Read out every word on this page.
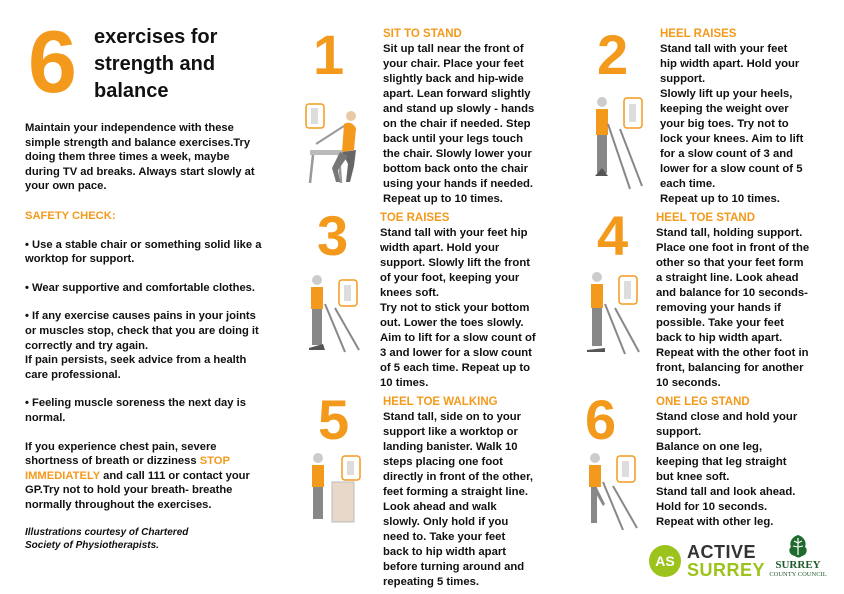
6 exercises for
strength and
balance

Maintain your independence with these simple strength and balance exercises.Try doing them three times a week, maybe during TV ad breaks. Always start slowly at your own pace.

SAFETY CHECK:

• Use a stable chair or something solid like a worktop for support.

• Wear supportive and comfortable clothes.

• If any exercise causes pains in your joints or muscles stop, check that you are doing it correctly and try again.

If pain persists, seek advice from a health care professional.

• Feeling muscle soreness the next day is normal.

If you experience chest pain, severe shortness of breath or dizziness STOP IMMEDIATELY and call 111 or contact your GP.Try not to hold your breath- breathe normally throughout the exercises.

Illustrations courtesy of Chartered Society of Physiotherapists.

1	SIT TO STAND
Sit up tall near the front of
your chair. Place your feet
slightly back and hip-wide
apart. Lean forward slightly
and stand up slowly - hands
on the chair if needed. Step
back until your legs touch
the chair. Slowly lower your
bottom back onto the chair
using your hands if needed.
Repeat up to 10 times.
2	HEEL RAISES
Stand tall with your feet
hip width apart. Hold your
support.
Slowly lift up your heels,
keeping the weight over
your big toes. Try not to
lock your knees. Aim to lift
for a slow count of 3 and
lower for a slow count of 5
each time.
Repeat up to 10 times.
3	TOE RAISES
Stand tall with your feet hip
width apart. Hold your
support. Slowly lift the front
of your foot, keeping your
knees soft.
Try not to stick your bottom
out. Lower the toes slowly.
Aim to lift for a slow count of
3 and lower for a slow count
of 5 each time. Repeat up to
10 times.
4 HEEL TOE STAND
Stand tall, holding support.
Place one foot in front of the
other so that your feet form
a straight line. Look ahead
and balance for 10 seconds-
removing your hands if
possible. Take your feet
back to hip width apart.
Repeat with the other foot in
front, balancing for another
10 seconds.
5	HEEL TOE WALKING
Stand tall, side on to your
support like a worktop or
landing banister. Walk 10
steps placing one foot
directly in front of the other,
feet forming a straight line.
Look ahead and walk
slowly. Only hold if you
need to. Take your feet
back to hip width apart
before turning around and
repeating 5 times.
6	ONE LEG STAND
Stand close and hold your
support.
Balance on one leg,
keeping that leg straight
but knee soft.
Stand tall and look ahead.
Hold for 10 seconds.
Repeat with other leg.
AS ACTIVE
SURREY SURREY
COUNTY COUNCIL
